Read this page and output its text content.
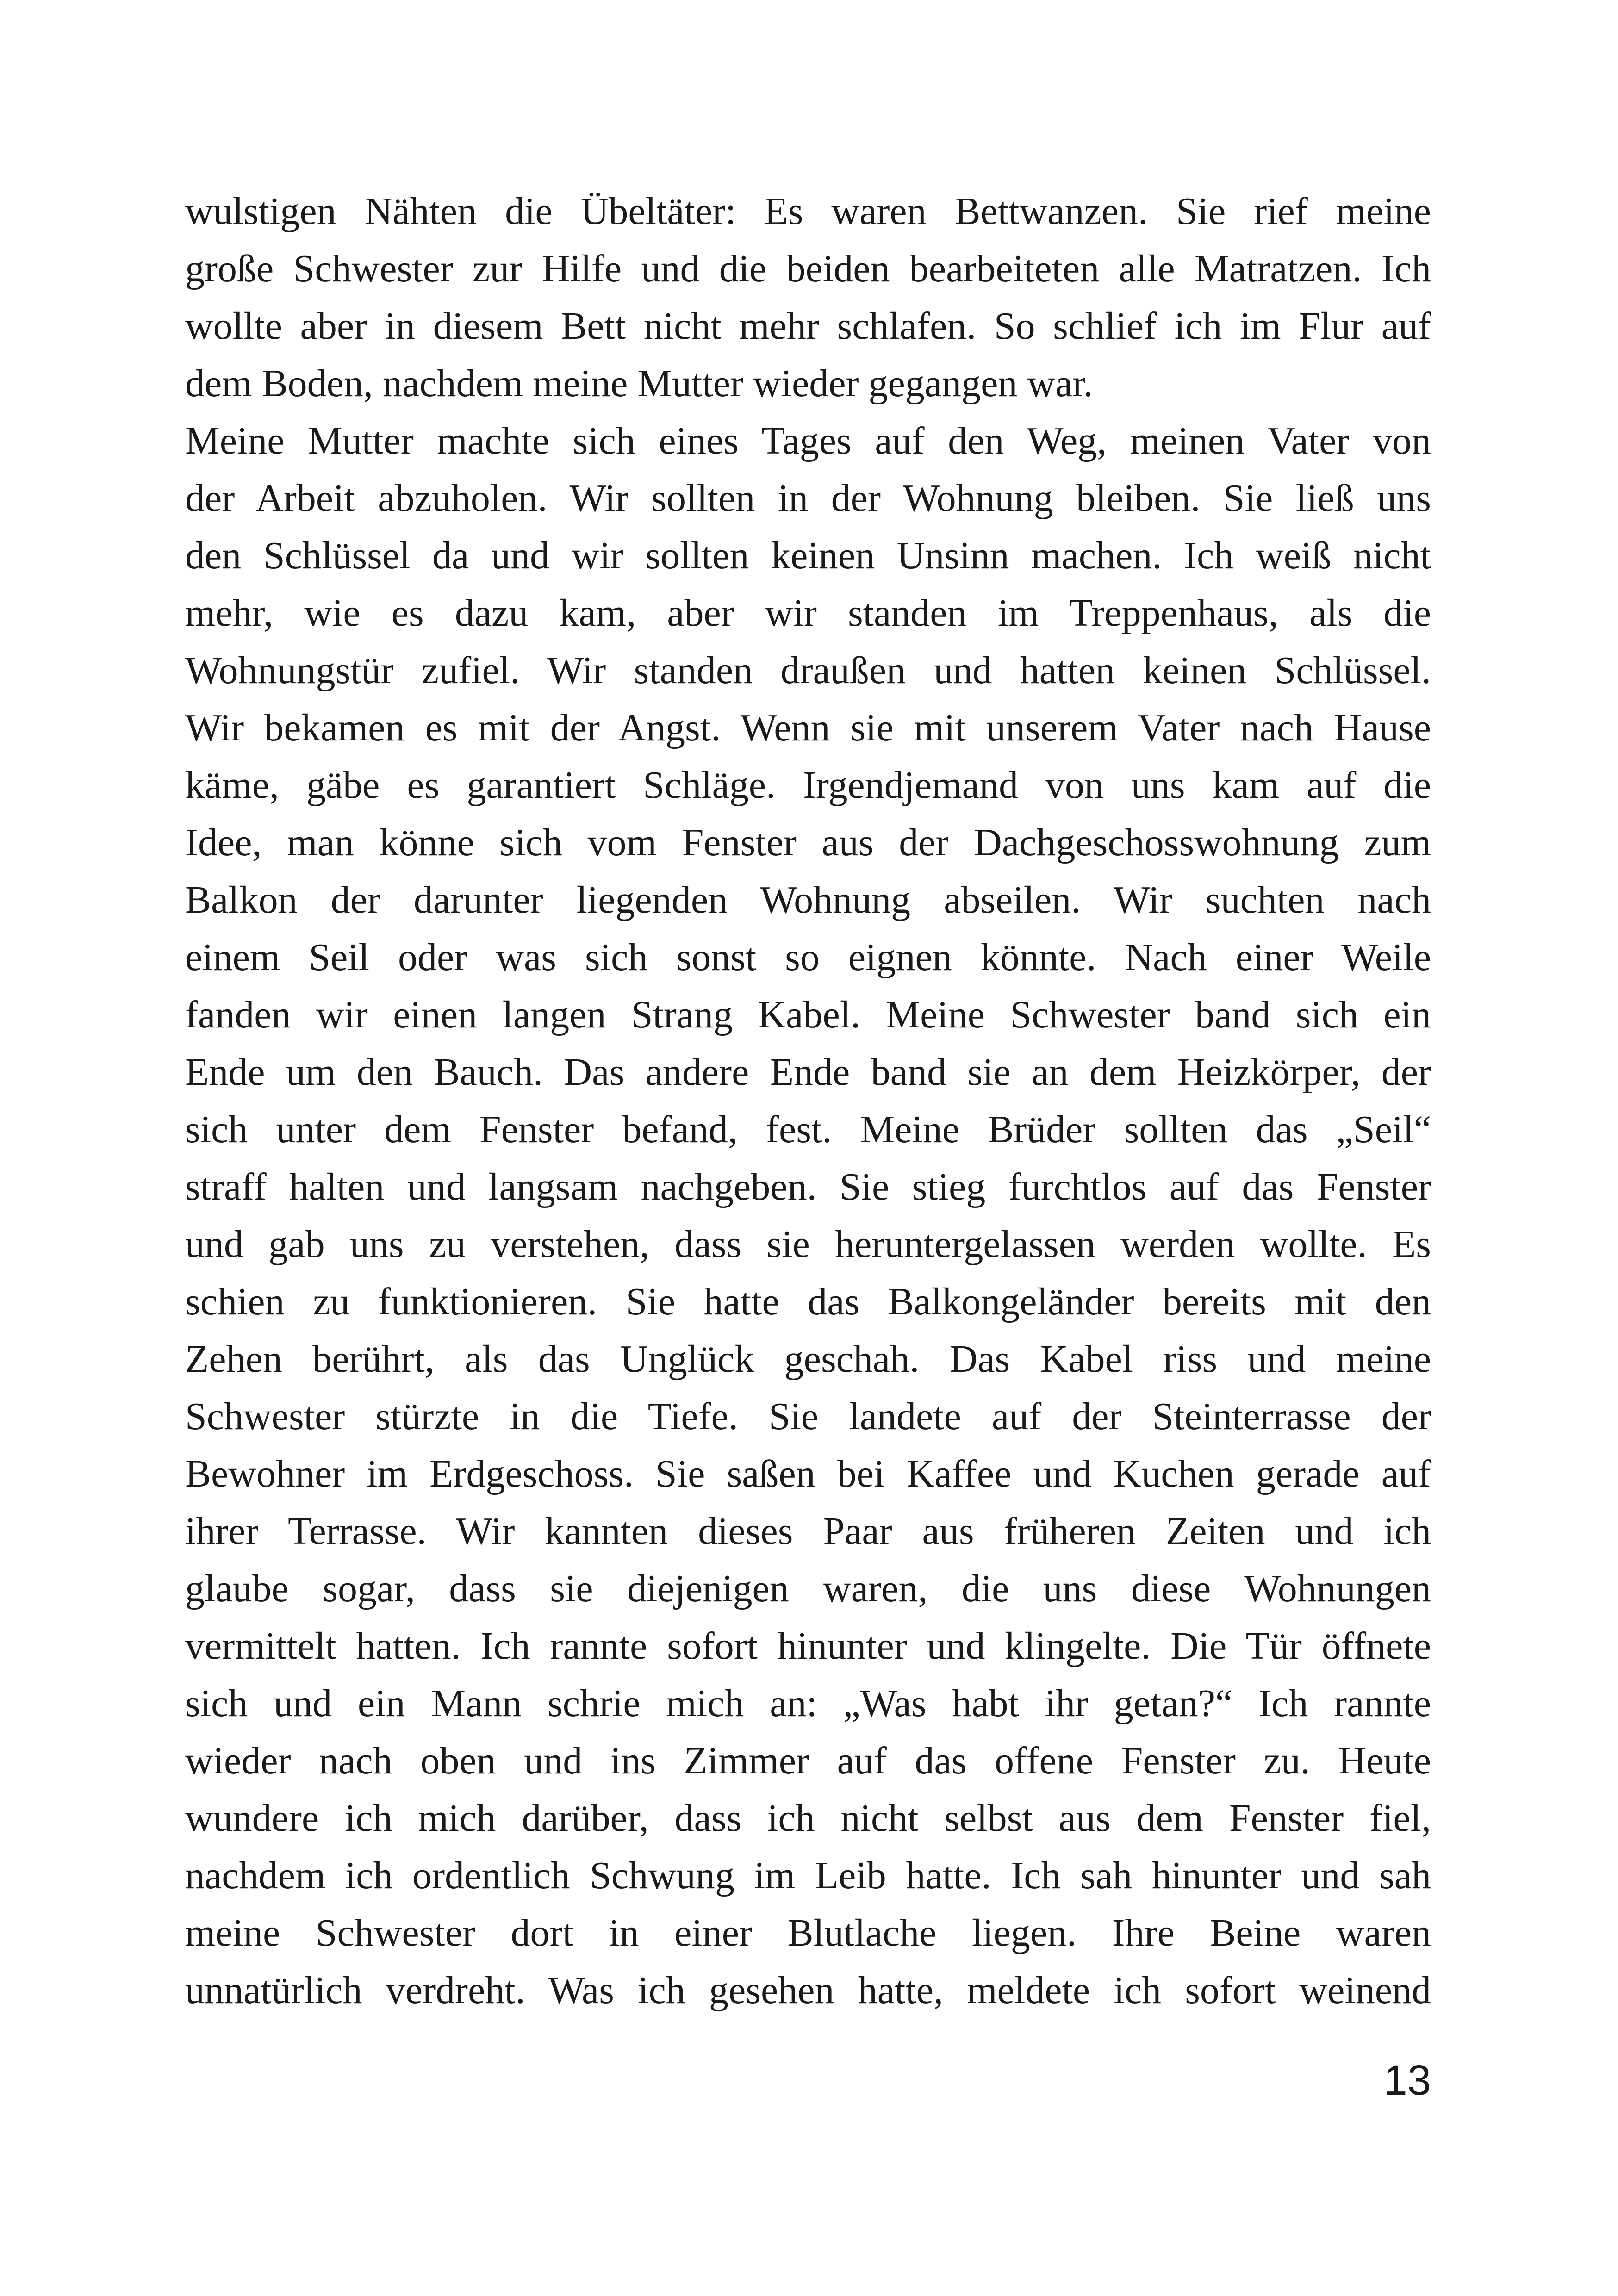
wulstigen Nähten die Übeltäter: Es waren Bettwanzen. Sie rief meine
große Schwester zur Hilfe und die beiden bearbeiteten alle Matratzen. Ich
wollte aber in diesem Bett nicht mehr schlafen. So schlief ich im Flur auf
dem Boden, nachdem meine Mutter wieder gegangen war.
Meine Mutter machte sich eines Tages auf den Weg, meinen Vater von
der Arbeit abzuholen. Wir sollten in der Wohnung bleiben. Sie ließ uns
den Schlüssel da und wir sollten keinen Unsinn machen. Ich weiß nicht
mehr, wie es dazu kam, aber wir standen im Treppenhaus, als die
Wohnungstür zufiel. Wir standen draußen und hatten keinen Schlüssel.
Wir bekamen es mit der Angst. Wenn sie mit unserem Vater nach Hause
käme, gäbe es garantiert Schläge. Irgendjemand von uns kam auf die
Idee, man könne sich vom Fenster aus der Dachgeschosswohnung zum
Balkon der darunter liegenden Wohnung abseilen. Wir suchten nach
einem Seil oder was sich sonst so eignen könnte. Nach einer Weile
fanden wir einen langen Strang Kabel. Meine Schwester band sich ein
Ende um den Bauch. Das andere Ende band sie an dem Heizkörper, der
sich unter dem Fenster befand, fest. Meine Brüder sollten das „Seil“
straff halten und langsam nachgeben. Sie stieg furchtlos auf das Fenster
und gab uns zu verstehen, dass sie heruntergelassen werden wollte. Es
schien zu funktionieren. Sie hatte das Balkongeländer bereits mit den
Zehen berührt, als das Unglück geschah. Das Kabel riss und meine
Schwester stürzte in die Tiefe. Sie landete auf der Steinterrasse der
Bewohner im Erdgeschoss. Sie saßen bei Kaffee und Kuchen gerade auf
ihrer Terrasse. Wir kannten dieses Paar aus früheren Zeiten und ich
glaube sogar, dass sie diejenigen waren, die uns diese Wohnungen
vermittelt hatten. Ich rannte sofort hinunter und klingelte. Die Tür öffnete
sich und ein Mann schrie mich an: „Was habt ihr getan?“ Ich rannte
wieder nach oben und ins Zimmer auf das offene Fenster zu. Heute
wundere ich mich darüber, dass ich nicht selbst aus dem Fenster fiel,
nachdem ich ordentlich Schwung im Leib hatte. Ich sah hinunter und sah
meine Schwester dort in einer Blutlache liegen. Ihre Beine waren
unnatürlich verdreht. Was ich gesehen hatte, meldete ich sofort weinend
13
